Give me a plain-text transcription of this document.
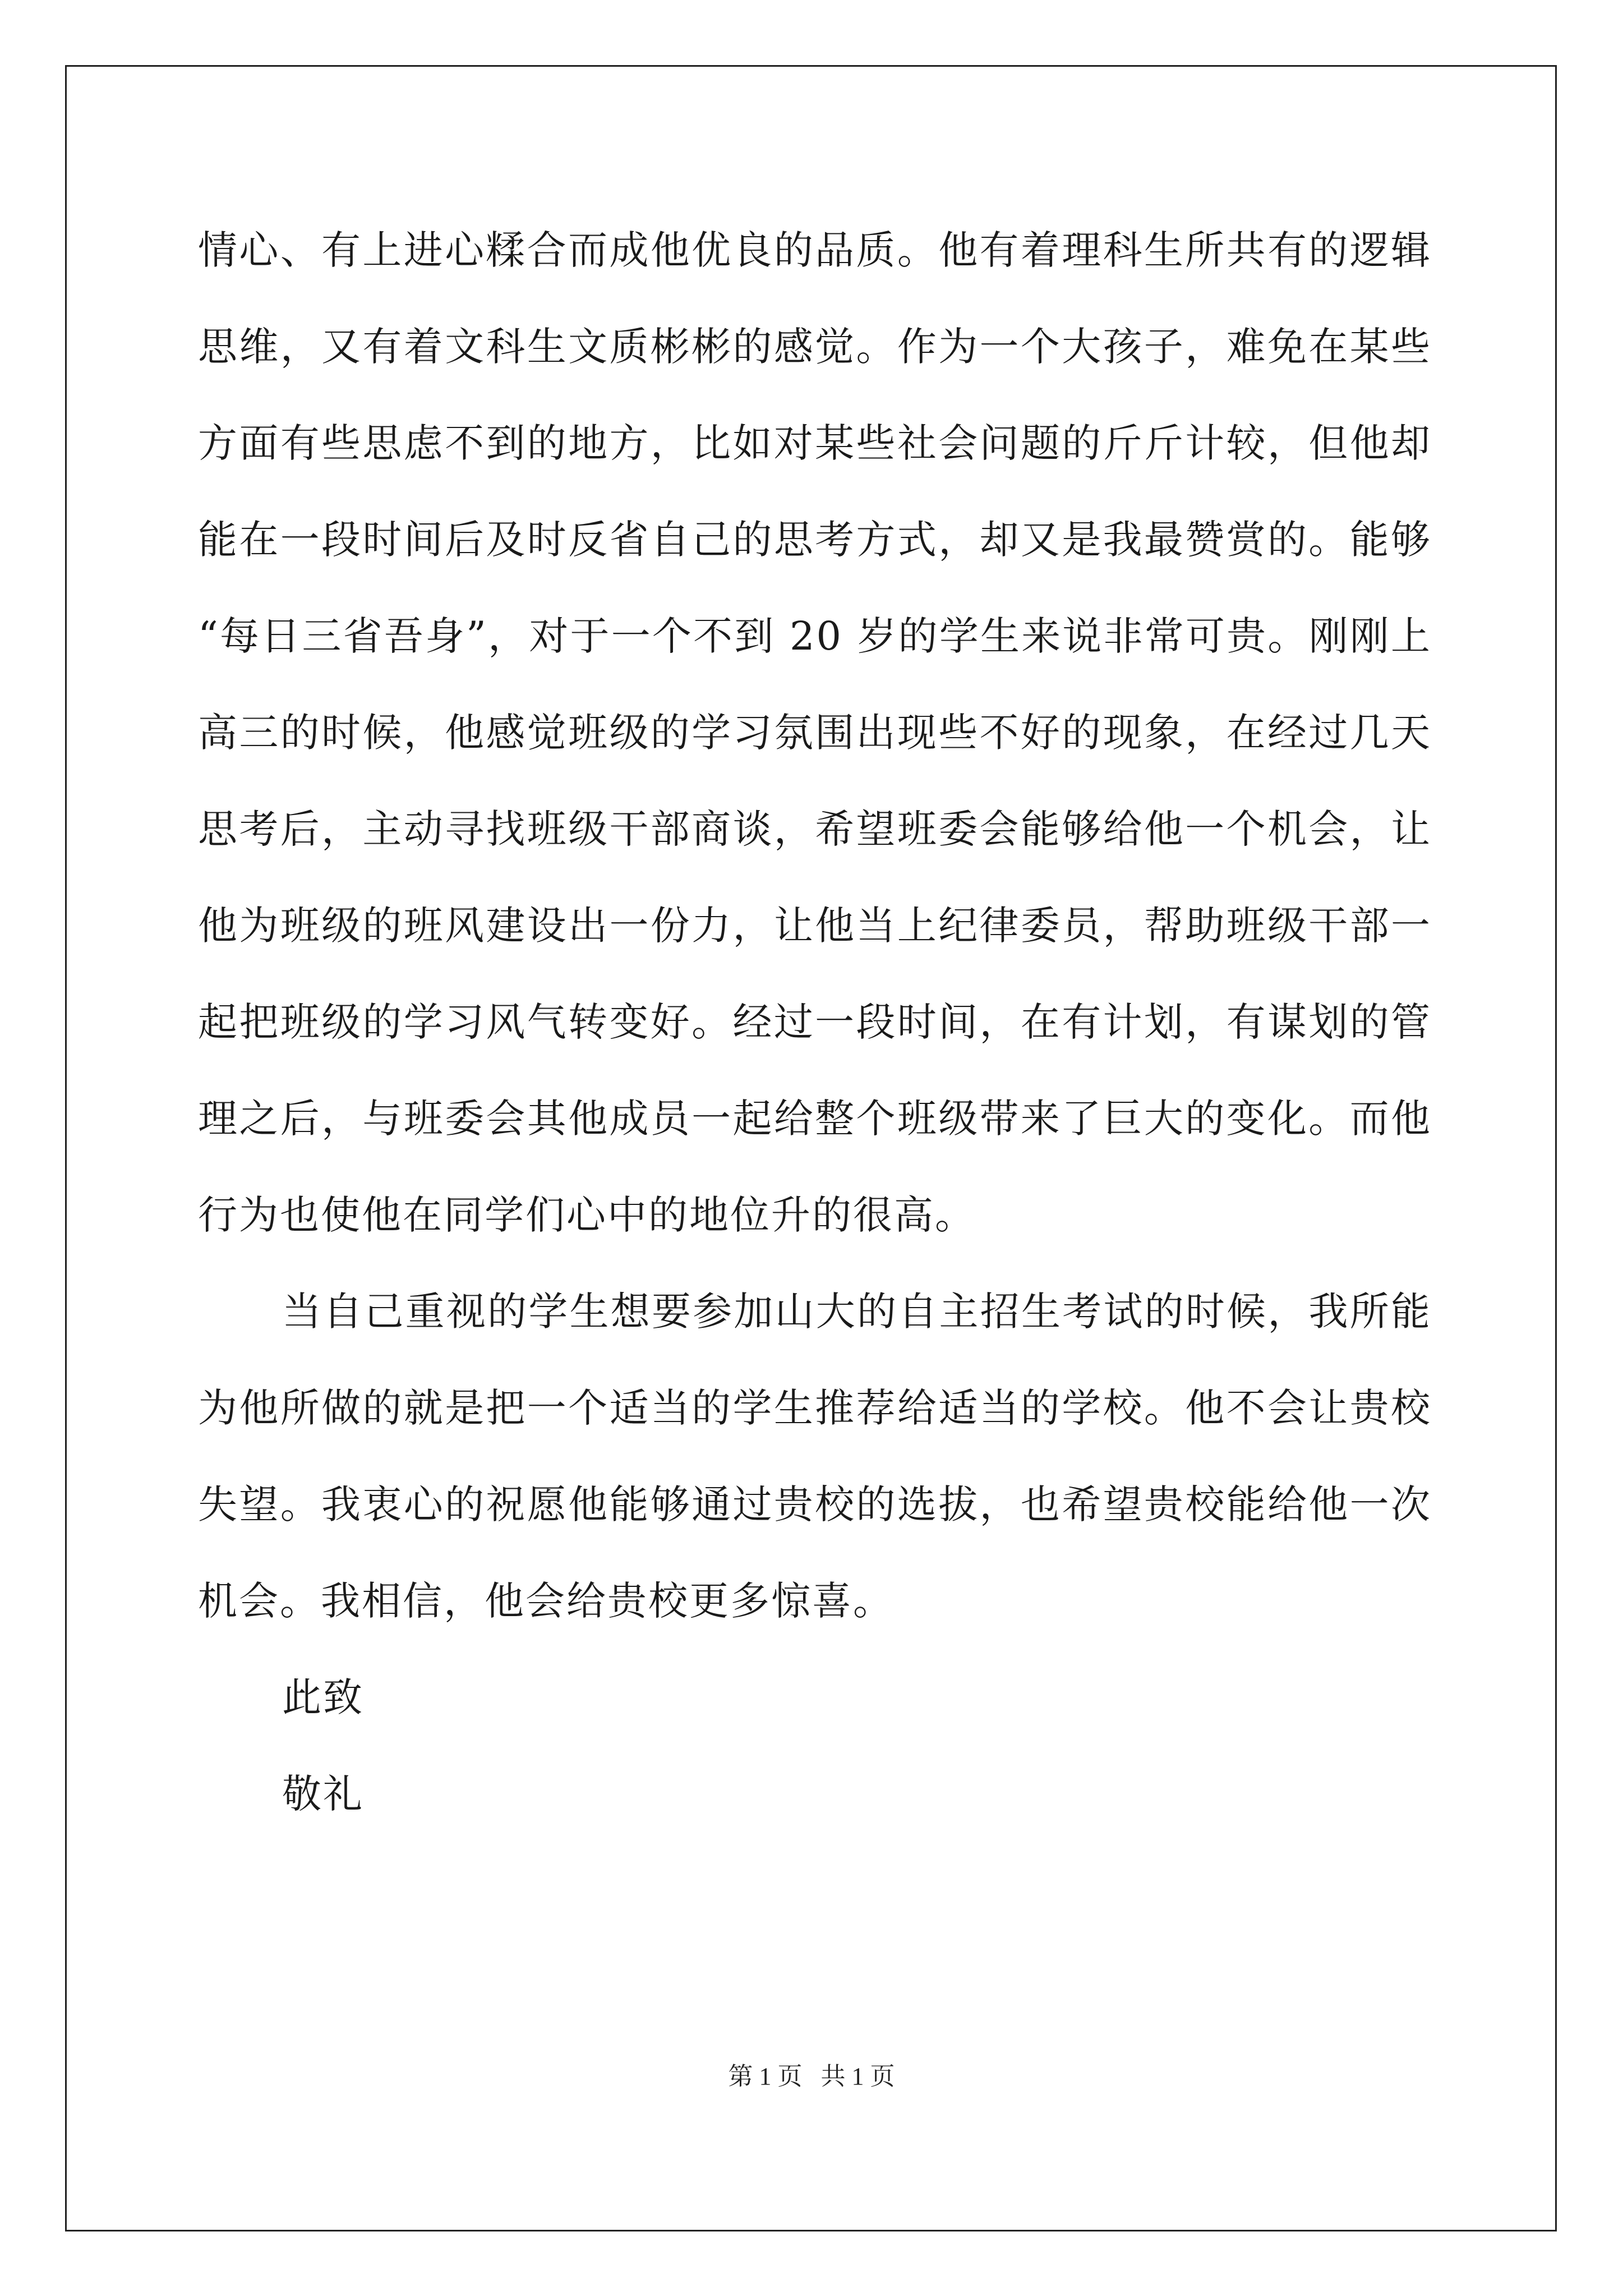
情心、有上进心糅合而成他优良的品质。他有着理科生所共有的逻辑
思维，又有着文科生文质彬彬的感觉。作为一个大孩子，难免在某些
方面有些思虑不到的地方，比如对某些社会问题的斤斤计较，但他却
能在一段时间后及时反省自己的思考方式，却又是我最赞赏的。能够
“每日三省吾身”，对于一个不到 20 岁的学生来说非常可贵。刚刚上
高三的时候，他感觉班级的学习氛围出现些不好的现象，在经过几天
思考后，主动寻找班级干部商谈，希望班委会能够给他一个机会，让
他为班级的班风建设出一份力，让他当上纪律委员，帮助班级干部一
起把班级的学习风气转变好。经过一段时间，在有计划，有谋划的管
理之后，与班委会其他成员一起给整个班级带来了巨大的变化。而他
行为也使他在同学们心中的地位升的很高。
当自己重视的学生想要参加山大的自主招生考试的时候，我所能
为他所做的就是把一个适当的学生推荐给适当的学校。他不会让贵校
失望。我衷心的祝愿他能够通过贵校的选拔，也希望贵校能给他一次
机会。我相信，他会给贵校更多惊喜。
此致
敬礼
第 1 页   共 1 页
